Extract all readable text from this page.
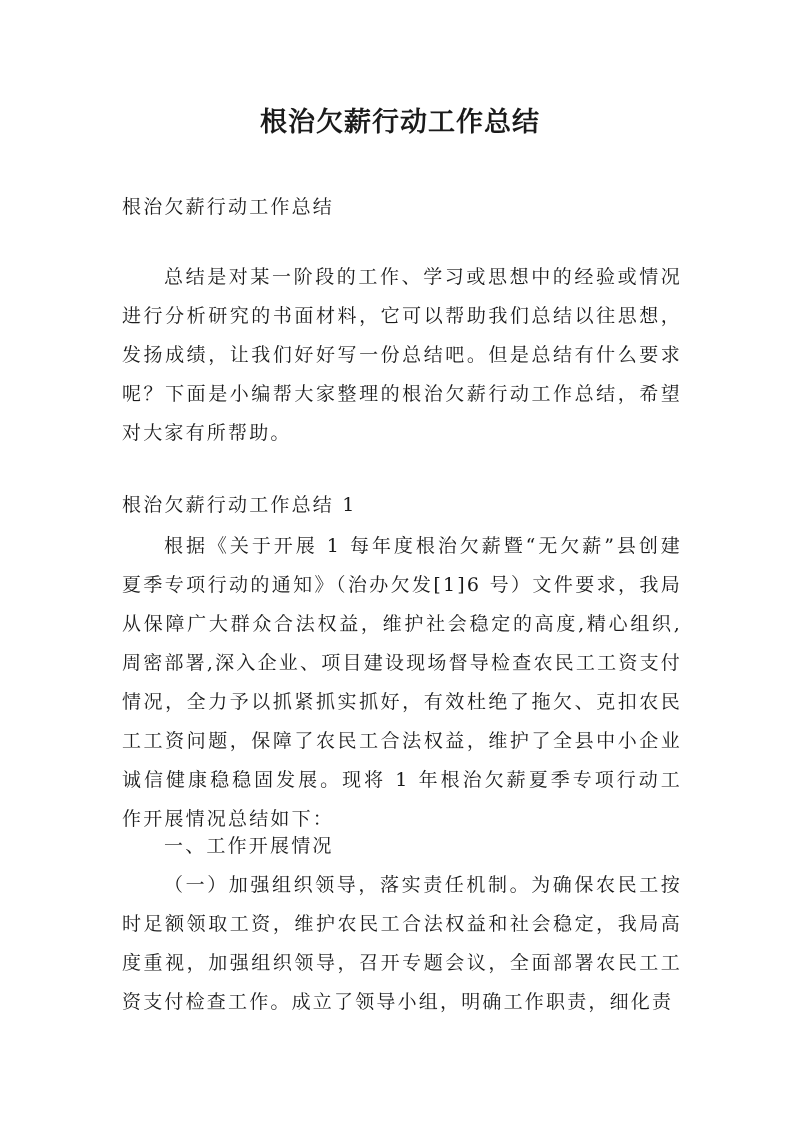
根治欠薪行动工作总结

根治欠薪行动工作总结

总结是对某一阶段的工作、学习或思想中的经验或情况进行分析研究的书面材料，它可以帮助我们总结以往思想，发扬成绩，让我们好好写一份总结吧。但是总结有什么要求呢？下面是小编帮大家整理的根治欠薪行动工作总结，希望对大家有所帮助。

根治欠薪行动工作总结 1

根据《关于开展 1 每年度根治欠薪暨“无欠薪”县创建夏季专项行动的通知》（治办欠发[1]6 号）文件要求，我局从保障广大群众合法权益，维护社会稳定的高度,精心组织,周密部署,深入企业、项目建设现场督导检查农民工工资支付情况，全力予以抓紧抓实抓好，有效杜绝了拖欠、克扣农民工工资问题，保障了农民工合法权益，维护了全县中小企业诚信健康稳稳固发展。现将 1 年根治欠薪夏季专项行动工作开展情况总结如下：

一、工作开展情况

（一）加强组织领导，落实责任机制。为确保农民工按时足额领取工资，维护农民工合法权益和社会稳定，我局高度重视，加强组织领导，召开专题会议，全面部署农民工工资支付检查工作。成立了领导小组，明确工作职责，细化责
